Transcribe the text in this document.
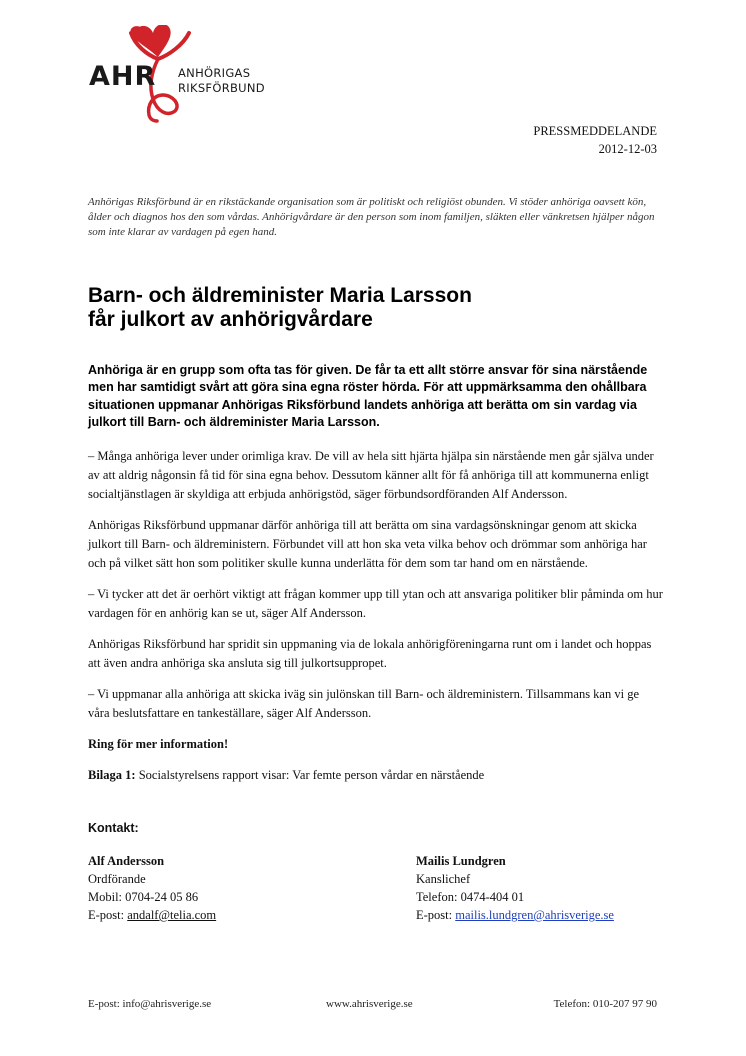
AHR ANHÖRIGAS
RIKSFÖRBUND
PRESSMEDDELANDE
2012-12-03
Anhörigas Riksförbund är en rikstäckande organisation som är politiskt och religiöst obunden. Vi stöder anhöriga oavsett kön, ålder och diagnos hos den som vårdas. Anhörigvårdare är den person som inom familjen, släkten eller vänkretsen hjälper någon som inte klarar av vardagen på egen hand.
Barn- och äldreminister Maria Larsson
får julkort av anhörigvårdare
Anhöriga är en grupp som ofta tas för given. De får ta ett allt större ansvar för sina närstående men har samtidigt svårt att göra sina egna röster hörda. För att uppmärksamma den ohållbara situationen uppmanar Anhörigas Riksförbund landets anhöriga att berätta om sin vardag via julkort till Barn- och äldreminister Maria Larsson.

– Många anhöriga lever under orimliga krav. De vill av hela sitt hjärta hjälpa sin närstående men går själva under av att aldrig någonsin få tid för sina egna behov. Dessutom känner allt för få anhöriga till att kommunerna enligt socialtjänstlagen är skyldiga att erbjuda anhörigstöd, säger förbundsordföranden Alf Andersson.

Anhörigas Riksförbund uppmanar därför anhöriga till att berätta om sina vardagsönskningar genom att skicka julkort till Barn- och äldreministern. Förbundet vill att hon ska veta vilka behov och drömmar som anhöriga har och på vilket sätt hon som politiker skulle kunna underlätta för dem som tar hand om en närstående.

– Vi tycker att det är oerhört viktigt att frågan kommer upp till ytan och att ansvariga politiker blir påminda om hur vardagen för en anhörig kan se ut, säger Alf Andersson.

Anhörigas Riksförbund har spridit sin uppmaning via de lokala anhörigföreningarna runt om i landet och hoppas att även andra anhöriga ska ansluta sig till julkortsuppropet.

– Vi uppmanar alla anhöriga att skicka iväg sin julönskan till Barn- och äldreministern. Tillsammans kan vi ge våra beslutsfattare en tankeställare, säger Alf Andersson.

Ring för mer information!

Bilaga 1: Socialstyrelsens rapport visar: Var femte person vårdar en närstående

Kontakt:
Alf Andersson
Ordförande
Mobil: 0704-24 05 86
E-post: andalf@telia.com
Mailis Lundgren
Kanslichef
Telefon: 0474-404 01
E-post: mailis.lundgren@ahrisverige.se
E-post: info@ahrisverige.se	www.ahrisverige.se	Telefon: 010-207 97 90
